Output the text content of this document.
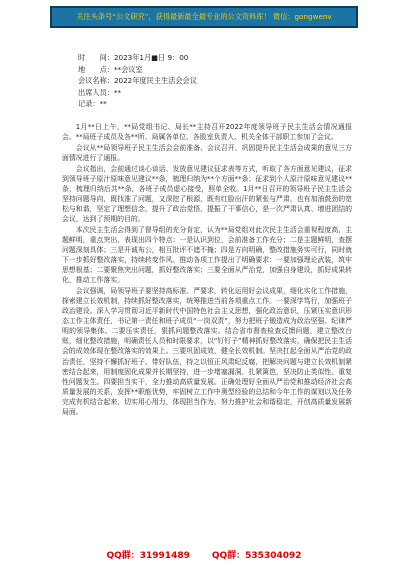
关注头条号“公文研究”，获得最新最全最专业的公文资料库！ 微信：gongwenv
时　　间：2023年1月■日 9：00
地　　点：**会议室
会议名称：2022年度民主生活会会议
出席人员：**
记录：**

1月**日上午，**局党组书记、局长**主持召开2022年度领导班子民主生活会情况通报会。**局班子成员及各**所、局属各单位、各股室负责人、机关全体干部职工参加了会议。

会议从**局领导班子民主生活会会前准备、会议召开、巩固提升民主生活会成果的意见三方面情况进行了通报。

会议指出，会前通过谈心谈话、发放意见建议征求表等方式，听取了各方面意见建议，征求到领导班子原汁原味意见建议**条，梳理归纳为**个方面**条；征求到个人原汁原味意见建议**条，梳理归纳后共**条，各班子成员虚心接受，照单全收。1月**日召开的领导班子民主生活会坚持问题导向，既找准了问题，又深挖了根源，既有红脸出汗的紧张与严肃，也有加油鼓劲的宽松与和谐，坚定了理想信念，提升了政治觉悟，提振了干事信心，是一次严肃认真、增进团结的会议，达到了预期的目的。

本次民主生活会得到了督导组的充分肯定，认为**局党组对此次民主生活会重视程度高，主题鲜明，重点突出，表现出四个特点：一是认识到位，会前准备工作充分；二是主题鲜明，查摆问题深刻具体；三是开诚布公，相互批评不遮不掩；四是方向明确，整改措施务实可行，同时就下一步抓好整改落实，持续转变作风、推动各项工作提出了明确要求：一要加强理论武装，筑牢思想根基；二要聚焦突出问题，抓好整改落实；三要全面从严治党，加强自身建设，抓好成果转化，推动工作落实。

会议强调，局领导班子要坚持高标准、严要求，转化运用好会议成果，细化实化工作措施，探索建立长效机制，持续抓好整改落实，统筹推进当前各项重点工作。一要深学笃行，加强班子政治建设。深入学习贯彻习近平新时代中国特色社会主义思想，强化政治意识，压紧压实意识形态工作主体责任，书记第一责任和班子成员“一岗双责”，努力把班子锻造成为政治坚强、纪律严明的领导集体。二要压实责任，狠抓问题整改落实。结合省市督查检查反馈问题，建立整改台账，细化整改措施，明确责任人员和时限要求，以“钉钉子”精神抓好整改落实，确保把民主生活会的成效体现在整改落实的效果上。三要巩固成效，健全长效机制。坚决扛起全面从严治党的政治责任，坚持不懈抓好班子、带好队伍，持之以恒正风肃纪反腐，把解决问题与建立长效机制紧密结合起来，用制度固化成果并长期坚持，进一步堵塞漏洞、扎紧篱笆，坚决防止类似性、重复性问题发生。四要担当实干，全力推动高质量发展。正确处理好全面从严治党和推动经济社会高质量发展的关系，发挥**职能优势，牢固树立工作中奥型经验的总结和今年工作的谋划以及任务完成有机结合起来，切实用心用力，体现担当作为，努力推护社会和谐稳定，开创高质量发展新局面。

QQ群：31991489 QQ群：535304092
